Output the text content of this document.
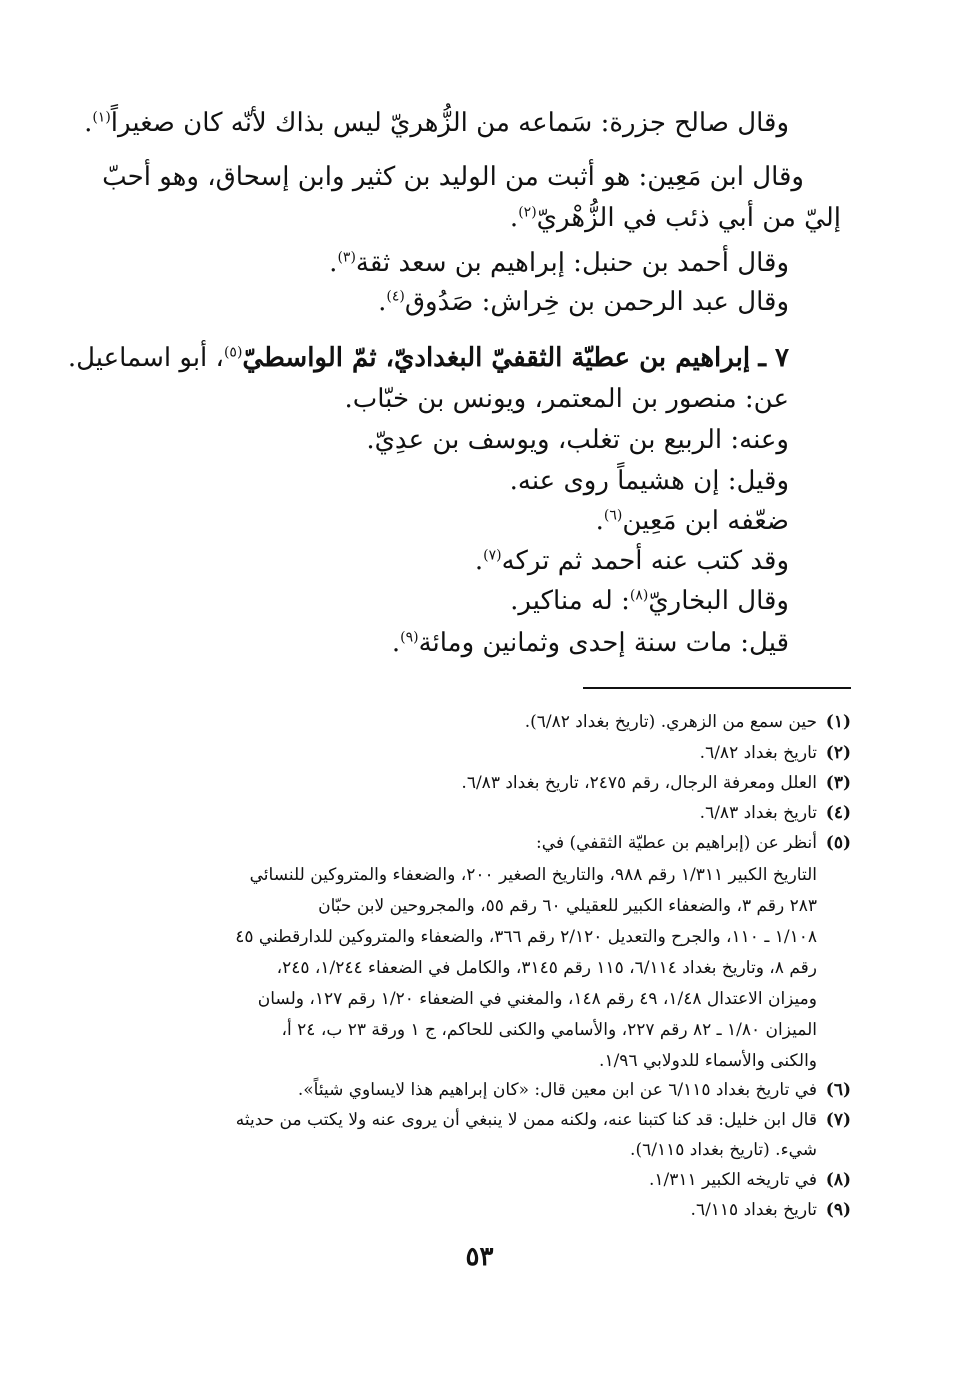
وقال صالح جزرة: سَماعه من الزُّهريّ ليس بذاك لأنّه كان صغيراً$^{(١)}$.
وقال ابن مَعِين: هو أثبت من الوليد بن كثير وابن إسحاق، وهو أحبّ
إليّ من أبي ذئب في الزُّهْريّ$^{(٢)}$.
وقال أحمد بن حنبل: إبراهيم بن سعد ثقة$^{(٣)}$.
وقال عبد الرحمن بن خِراش: صَدُوق$^{(٤)}$.
٧ ـ إبراهيم بن عطيّة الثقفيّ البغداديّ، ثمّ الواسطيّ$^{(٥)}$، أبو اسماعيل.
عن: منصور بن المعتمر، ويونس بن خبّاب.
وعنه: الربيع بن تغلب، ويوسف بن عدِيّ.
وقيل: إن هشيماً روى عنه.
ضعّفه ابن مَعِين$^{(٦)}$.
وقد كتب عنه أحمد ثم تركه$^{(٧)}$.
وقال البخاريّ$^{(٨)}$: له مناكير.
قيل: مات سنة إحدى وثمانين ومائة$^{(٩)}$.
(١)حين سمع من الزهري. (تاريخ بغداد ٦/٨٢).
(٢)تاريخ بغداد ٦/٨٢.
(٣)العلل ومعرفة الرجال، رقم ٢٤٧٥، تاريخ بغداد ٦/٨٣.
(٤)تاريخ بغداد ٦/٨٣.
(٥)أنظر عن (إبراهيم بن عطيّة الثقفي) في:
التاريخ الكبير ١/٣١١ رقم ٩٨٨، والتاريخ الصغير ٢٠٠، والضعفاء والمتروكين للنسائي
٢٨٣ رقم ٣، والضعفاء الكبير للعقيلي ٦٠ رقم ٥٥، والمجروحين لابن حبّان
١/١٠٨ ـ ١١٠، والجرح والتعديل ٢/١٢٠ رقم ٣٦٦، والضعفاء والمتروكين للدارقطني ٤٥
رقم ٨، وتاريخ بغداد ٦/١١٤، ١١٥ رقم ٣١٤٥، والكامل في الضعفاء ١/٢٤٤، ٢٤٥،
وميزان الاعتدال ١/٤٨، ٤٩ رقم ١٤٨، والمغني في الضعفاء ١/٢٠ رقم ١٢٧، ولسان
الميزان ١/٨٠ ـ ٨٢ رقم ٢٢٧، والأسامي والكنى للحاكم، ج ١ ورقة ٢٣ ب، ٢٤ أ،
والكنى والأسماء للدولابي ١/٩٦.
(٦)في تاريخ بغداد ٦/١١٥ عن ابن معين قال: «كان إبراهيم هذا لايساوي شيئاً».
(٧)قال ابن خليل: قد كنا كتبنا عنه، ولكنه ممن لا ينبغي أن يروى عنه ولا يكتب من حديثه
شيء. (تاريخ بغداد ٦/١١٥).
(٨)في تاريخه الكبير ١/٣١١.
(٩)تاريخ بغداد ٦/١١٥.
٥٣
